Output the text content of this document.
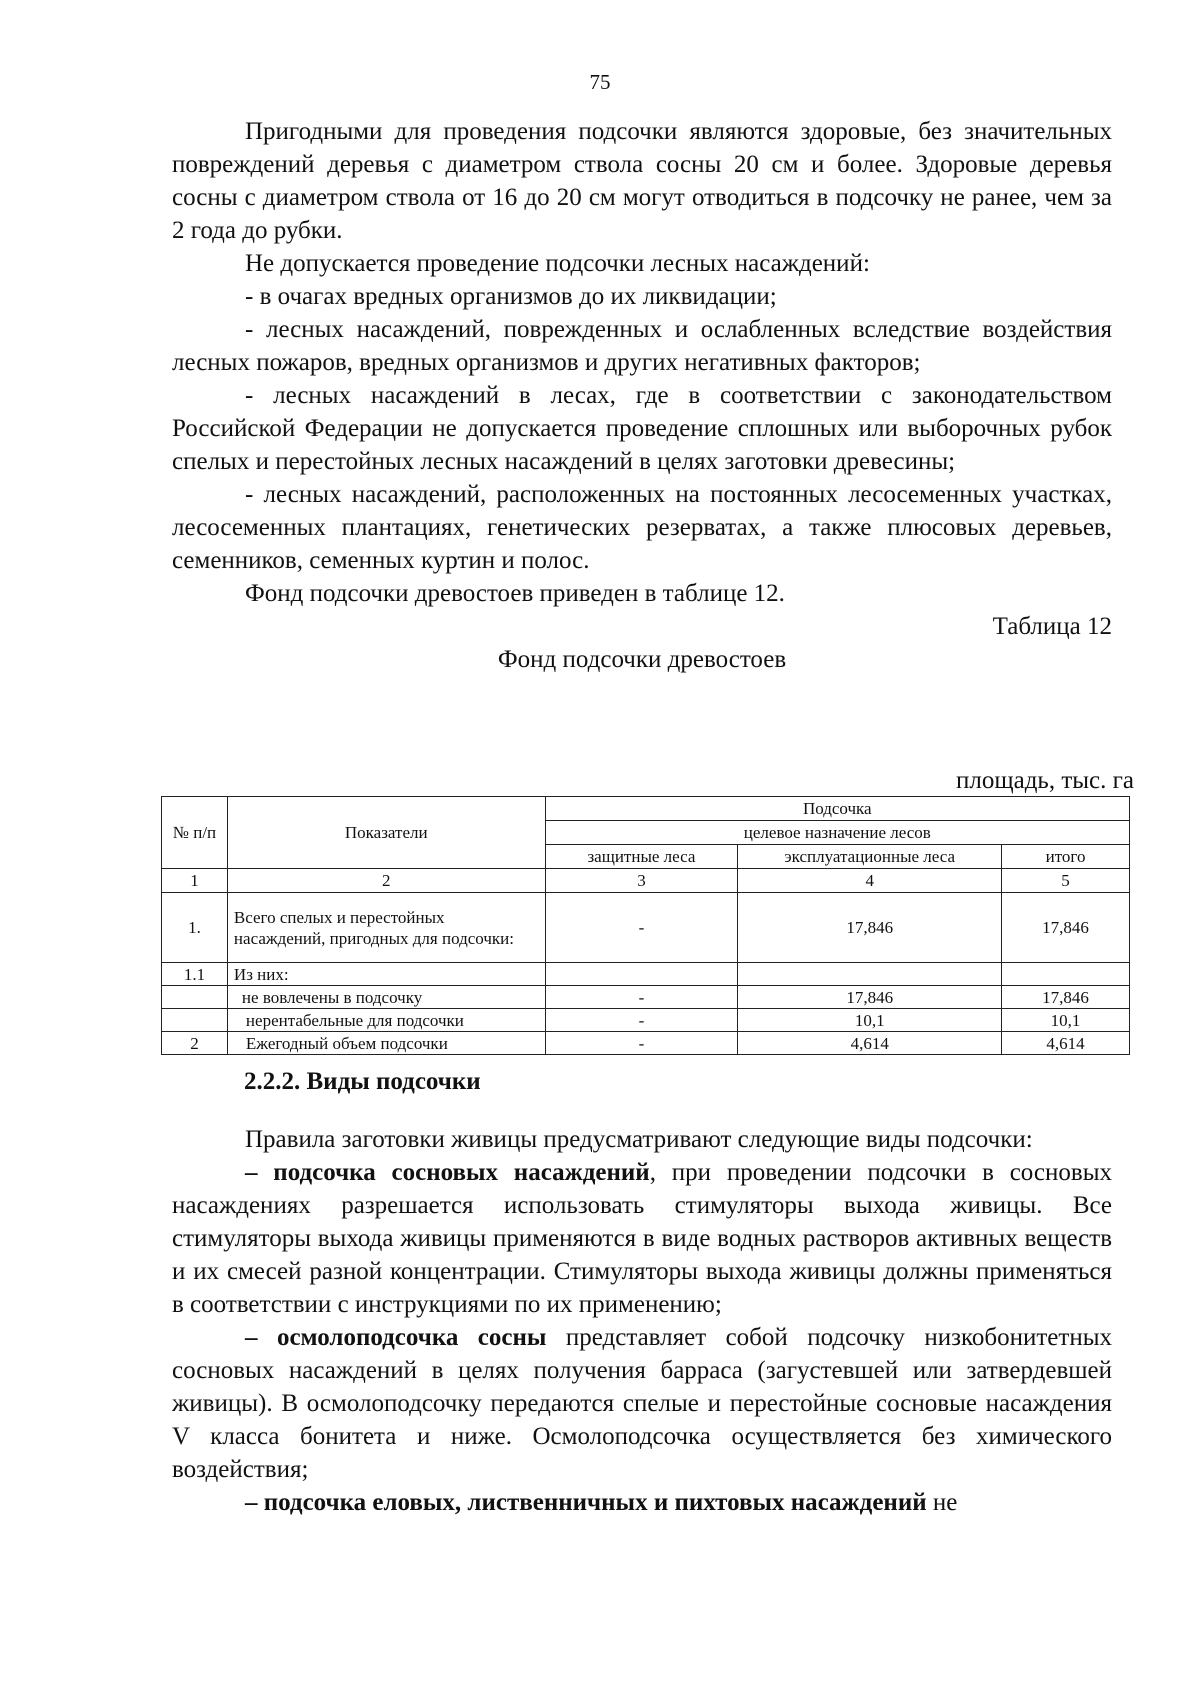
75

Пригодными для проведения подсочки являются здоровые, без значительных повреждений деревья с диаметром ствола сосны 20 см и более. Здоровые деревья сосны с диаметром ствола от 16 до 20 см могут отводиться в подсочку не ранее, чем за 2 года до рубки.

Не допускается проведение подсочки лесных насаждений:

- в очагах вредных организмов до их ликвидации;

- лесных насаждений, поврежденных и ослабленных вследствие воздействия лесных пожаров, вредных организмов и других негативных факторов;

- лесных насаждений в лесах, где в соответствии с законодательством Российской Федерации не допускается проведение сплошных или выборочных рубок спелых и перестойных лесных насаждений в целях заготовки древесины;

- лесных насаждений, расположенных на постоянных лесосеменных участках, лесосеменных плантациях, генетических резерватах, а также плюсовых деревьев, семенников, семенных куртин и полос.

Фонд подсочки древостоев приведен в таблице 12.

Таблица 12

Фонд подсочки древостоев

площадь, тыс. га
№ п/п	Показатели	Подсочка		
		целевое назначение лесов		
		защитные леса	эксплуатационные леса	итого
1	2	3	4	5
1.	Всего спелых и перестойных насаждений, пригодных для подсочки:	-	17,846	17,846
1.1	Из них:			
	не вовлечены в подсочку	-	17,846	17,846
	нерентабельные для подсочки	-	10,1	10,1
2	Ежегодный объем подсочки	-	4,614	4,614
2.2.2. Виды подсочки

Правила заготовки живицы предусматривают следующие виды подсочки:

– подсочка сосновых насаждений, при проведении подсочки в сосновых насаждениях разрешается использовать стимуляторы выхода живицы. Все стимуляторы выхода живицы применяются в виде водных растворов активных веществ и их смесей разной концентрации. Стимуляторы выхода живицы должны применяться в соответствии с инструкциями по их применению;

– осмолоподсочка сосны представляет собой подсочку низкобонитетных сосновых насаждений в целях получения барраса (загустевшей или затвердевшей живицы). В осмолоподсочку передаются спелые и перестойные сосновые насаждения V класса бонитета и ниже. Осмолоподсочка осуществляется без химического воздействия;

– подсочка еловых, лиственничных и пихтовых насаждений не
